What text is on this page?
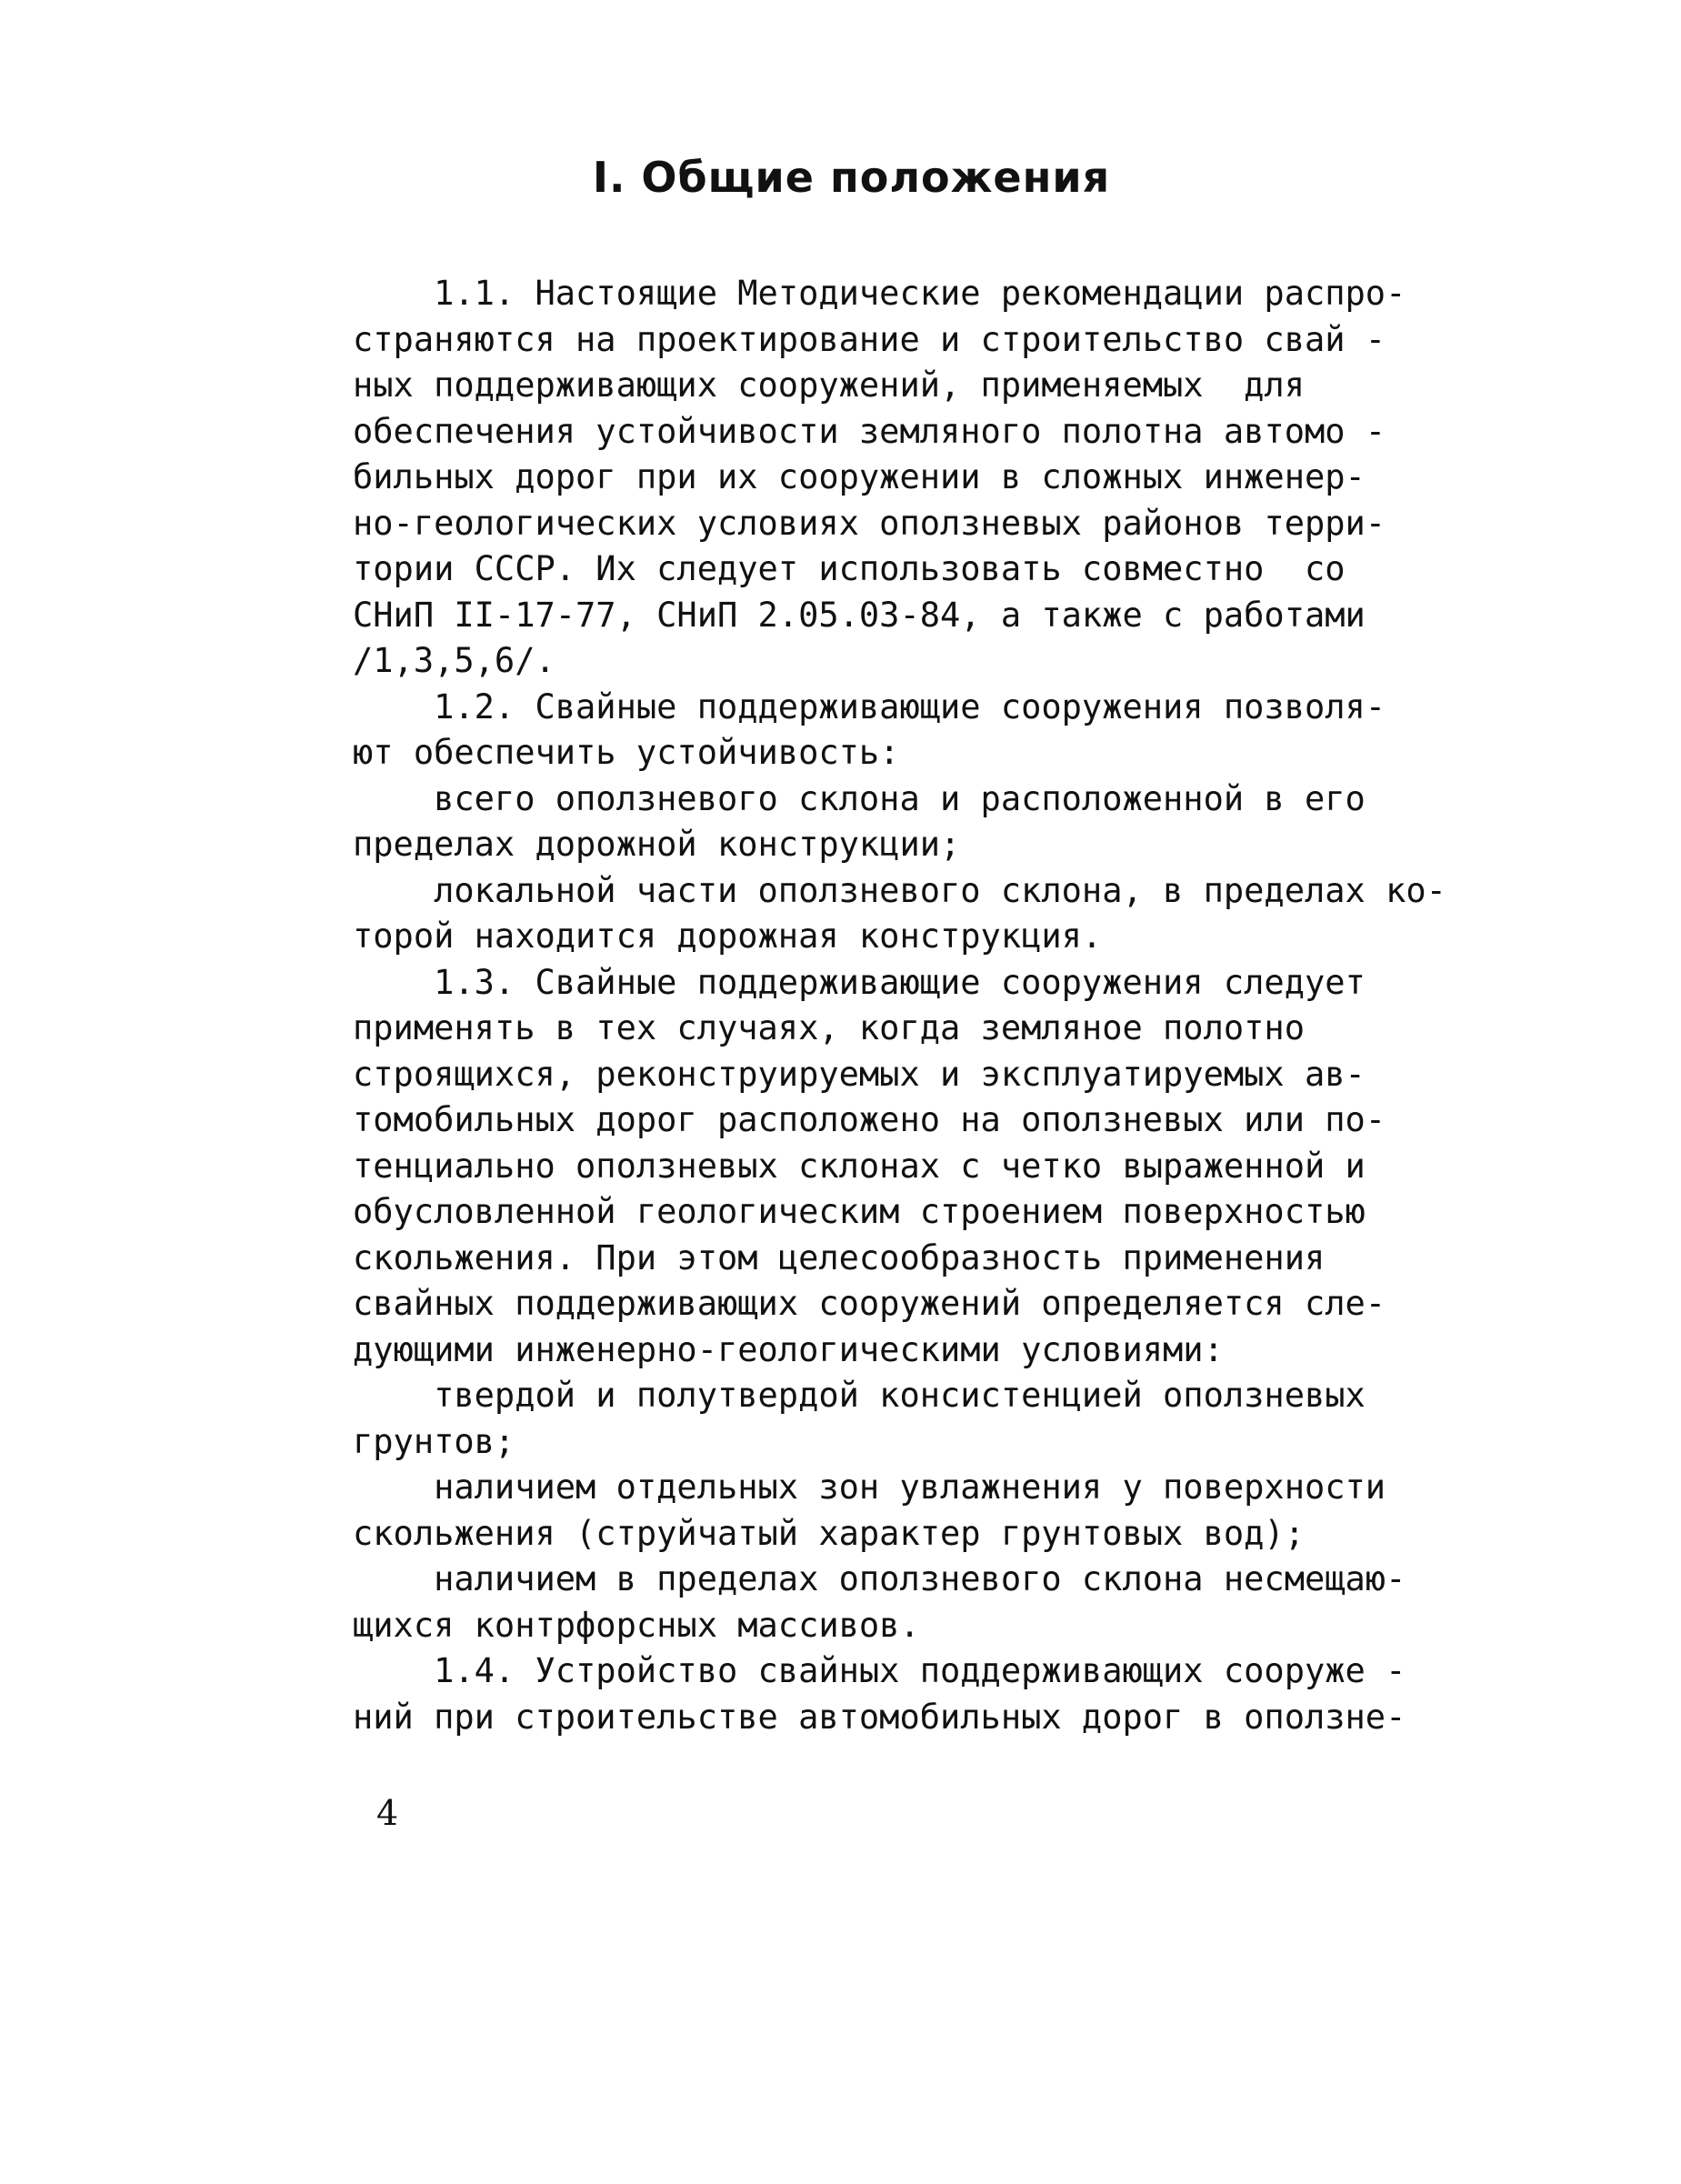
I. Общие положения
1.1. Настоящие Методические рекомендации распро-
страняются на проектирование и строительство свай -
ных поддерживающих сооружений, применяемых  для
обеспечения устойчивости земляного полотна автомо -
бильных дорог при их сооружении в сложных инженер-
но-геологических условиях оползневых районов терри-
тории СССР. Их следует использовать совместно  со
СНиП II-17-77, СНиП 2.05.03-84, а также с работами
/1,3,5,6/.
1.2. Свайные поддерживающие сооружения позволя-
ют обеспечить устойчивость:
всего оползневого склона и расположенной в его
пределах дорожной конструкции;
локальной части оползневого склона, в пределах ко-
торой находится дорожная конструкция.
1.3. Свайные поддерживающие сооружения следует
применять в тех случаях, когда земляное полотно
строящихся, реконструируемых и эксплуатируемых ав-
томобильных дорог расположено на оползневых или по-
тенциально оползневых склонах с четко выраженной и
обусловленной геологическим строением поверхностью
скольжения. При этом целесообразность применения
свайных поддерживающих сооружений определяется сле-
дующими инженерно-геологическими условиями:
твердой и полутвердой консистенцией оползневых
грунтов;
наличием отдельных зон увлажнения у поверхности
скольжения (струйчатый характер грунтовых вод);
наличием в пределах оползневого склона несмещаю-
щихся контрфорсных массивов.
1.4. Устройство свайных поддерживающих сооруже -
ний при строительстве автомобильных дорог в оползне-
4
